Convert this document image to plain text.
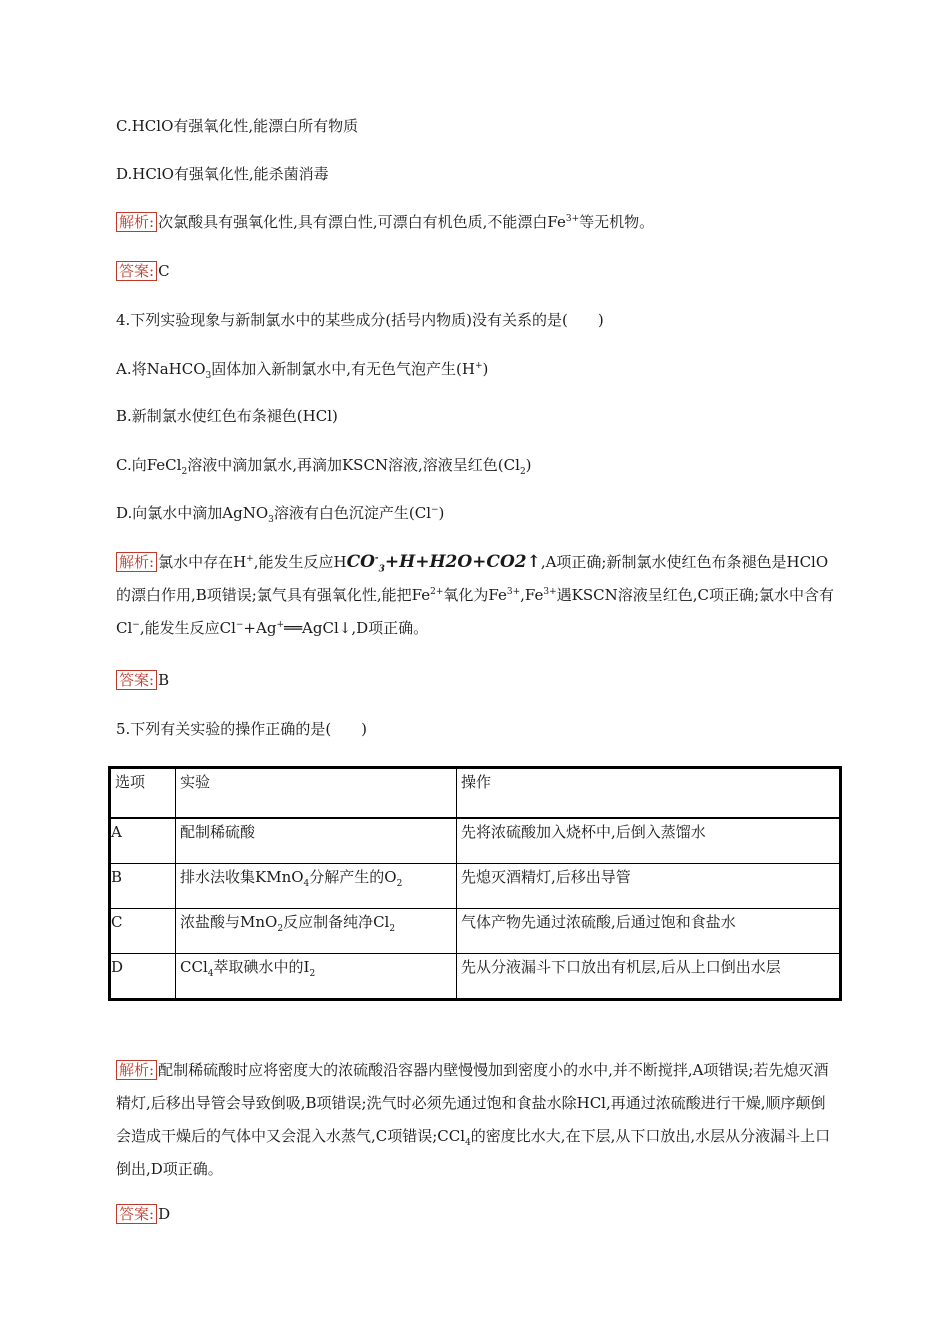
C.HClO有强氧化性,能漂白所有物质
D.HClO有强氧化性,能杀菌消毒
解析: 次氯酸具有强氧化性,具有漂白性,可漂白有机色质,不能漂白$Fe^{3+}$等无机物。
答案: C
4.下列实验现象与新制氯水中的某些成分(括号内物质)没有关系的是(　　)
A.将NaHCO$_3$固体加入新制氯水中,有无色气泡产生(H+)
B.新制氯水使红色布条褪色(HCl)
C.向FeCl$_2$溶液中滴加氯水,再滴加KSCN溶液,溶液呈红色$(Cl_2)$
D.向氯水中滴加AgNO$_3$溶液有白色沉淀产生(Cl−)
解析: 氯水中存在H+,能发生反应$HCO^-_3+H+H2O+CO2↑,A$项正确;新制氯水使红色布条褪色是HClO的漂白作用,B项错误;氯气具有强氧化性,能把$Fe^{2+}$氧化为$Fe^{3+},Fe^{3+}$遇KSCN溶液呈红色,C项正确;氯水中含有Cl−,能发生反应Cl−+Ag+══AgCl↓,D项正确。
答案: B
5.下列有关实验的操作正确的是(　　)
选项	实验	操作
A	配制稀硫酸	先将浓硫酸加入烧杯中,后倒入蒸馏水
B	排水法收集KMnO$_4$分解产生的$O_2$	先熄灭酒精灯,后移出导管
C	浓盐酸与MnO$_2$反应制备纯净$Cl_2$	气体产物先通过浓硫酸,后通过饱和食盐水
D	CCl$_4$萃取碘水中的$I_2$	先从分液漏斗下口放出有机层,后从上口倒出水层
解析: 配制稀硫酸时应将密度大的浓硫酸沿容器内壁慢慢加到密度小的水中,并不断搅拌,A项错误;若先熄灭酒精灯,后移出导管会导致倒吸,B项错误;洗气时必须先通过饱和食盐水除HCl,再通过浓硫酸进行干燥,顺序颠倒会造成干燥后的气体中又会混入水蒸气,C项错误;CCl$_4$的密度比水大,在下层,从下口放出,水层从分液漏斗上口倒出,D项正确。
答案: D
